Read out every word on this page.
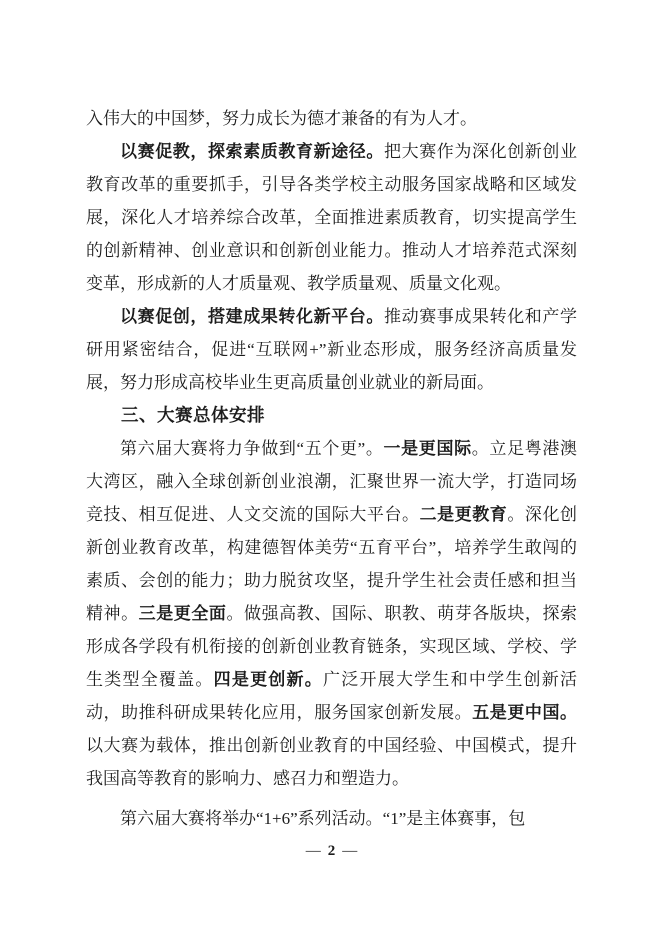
入伟大的中国梦，努力成长为德才兼备的有为人才。

以赛促教，探索素质教育新途径。把大赛作为深化创新创业教育改革的重要抓手，引导各类学校主动服务国家战略和区域发展，深化人才培养综合改革，全面推进素质教育，切实提高学生的创新精神、创业意识和创新创业能力。推动人才培养范式深刻变革，形成新的人才质量观、教学质量观、质量文化观。

以赛促创，搭建成果转化新平台。推动赛事成果转化和产学研用紧密结合，促进“互联网+”新业态形成，服务经济高质量发展，努力形成高校毕业生更高质量创业就业的新局面。

三、大赛总体安排

第六届大赛将力争做到“五个更”。一是更国际。立足粤港澳大湾区，融入全球创新创业浪潮，汇聚世界一流大学，打造同场竞技、相互促进、人文交流的国际大平台。二是更教育。深化创新创业教育改革，构建德智体美劳“五育平台”，培养学生敢闯的素质、会创的能力；助力脱贫攻坚，提升学生社会责任感和担当精神。三是更全面。做强高教、国际、职教、萌芽各版块，探索形成各学段有机衔接的创新创业教育链条，实现区域、学校、学生类型全覆盖。四是更创新。广泛开展大学生和中学生创新活动，助推科研成果转化应用，服务国家创新发展。五是更中国。以大赛为载体，推出创新创业教育的中国经验、中国模式，提升我国高等教育的影响力、感召力和塑造力。

第六届大赛将举办“1+6”系列活动。“1”是主体赛事，包

— 2 —
